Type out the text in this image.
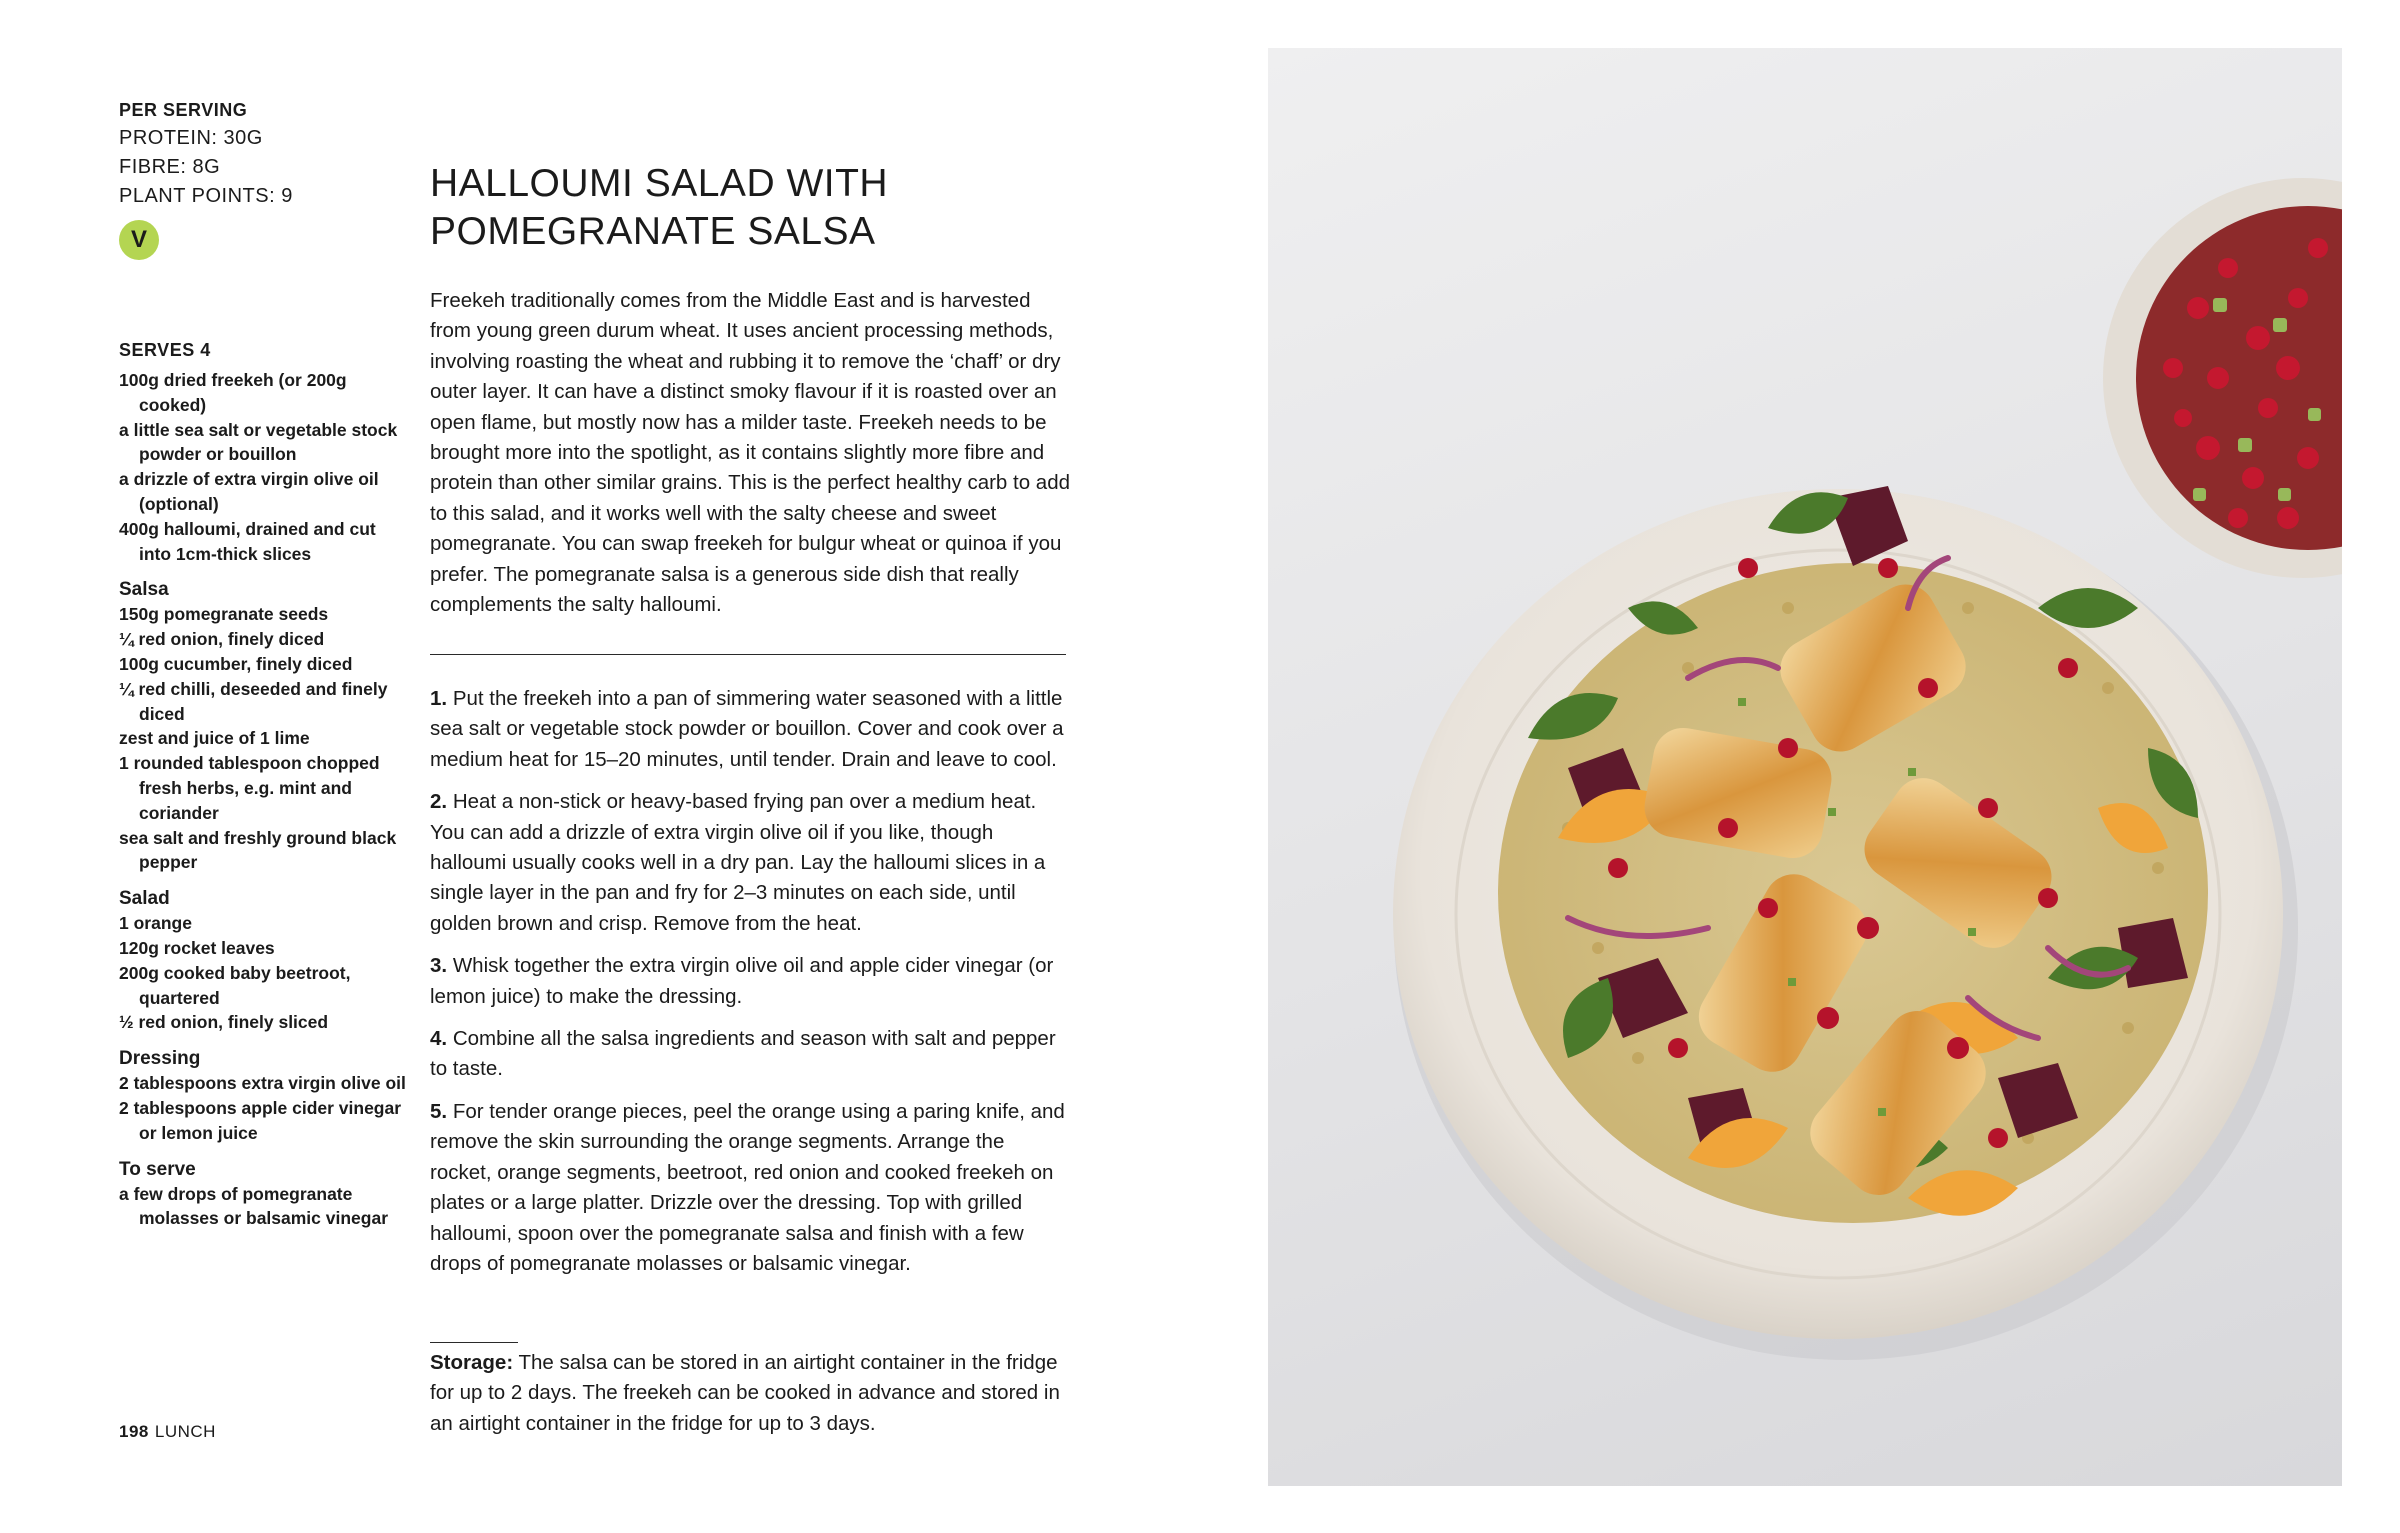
PER SERVING
PROTEIN: 30G
FIBRE: 8G
PLANT POINTS: 9
V
SERVES 4
100g dried freekeh (or 200g cooked)
a little sea salt or vegetable stock powder or bouillon
a drizzle of extra virgin olive oil (optional)
400g halloumi, drained and cut into 1cm-thick slices
Salsa
150g pomegranate seeds
¼ red onion, finely diced
100g cucumber, finely diced
¼ red chilli, deseeded and finely diced
zest and juice of 1 lime
1 rounded tablespoon chopped fresh herbs, e.g. mint and coriander
sea salt and freshly ground black pepper
Salad
1 orange
120g rocket leaves
200g cooked baby beetroot, quartered
½ red onion, finely sliced
Dressing
2 tablespoons extra virgin olive oil
2 tablespoons apple cider vinegar or lemon juice
To serve
a few drops of pomegranate molasses or balsamic vinegar
198 LUNCH
HALLOUMI SALAD WITH
POMEGRANATE SALSA

Freekeh traditionally comes from the Middle East and is harvested from young green durum wheat. It uses ancient processing methods, involving roasting the wheat and rubbing it to remove the ‘chaff’ or dry outer layer. It can have a distinct smoky flavour if it is roasted over an open flame, but mostly now has a milder taste. Freekeh needs to be brought more into the spotlight, as it contains slightly more fibre and protein than other similar grains. This is the perfect healthy carb to add to this salad, and it works well with the salty cheese and sweet pomegranate. You can swap freekeh for bulgur wheat or quinoa if you prefer. The pomegranate salsa is a generous side dish that really complements the salty halloumi.

1. Put the freekeh into a pan of simmering water seasoned with a little sea salt or vegetable stock powder or bouillon. Cover and cook over a medium heat for 15–20 minutes, until tender. Drain and leave to cool.

2. Heat a non-stick or heavy-based frying pan over a medium heat. You can add a drizzle of extra virgin olive oil if you like, though halloumi usually cooks well in a dry pan. Lay the halloumi slices in a single layer in the pan and fry for 2–3 minutes on each side, until golden brown and crisp. Remove from the heat.

3. Whisk together the extra virgin olive oil and apple cider vinegar (or lemon juice) to make the dressing.

4. Combine all the salsa ingredients and season with salt and pepper to taste.

5. For tender orange pieces, peel the orange using a paring knife, and remove the skin surrounding the orange segments. Arrange the rocket, orange segments, beetroot, red onion and cooked freekeh on plates or a large platter. Drizzle over the dressing. Top with grilled halloumi, spoon over the pomegranate salsa and finish with a few drops of pomegranate molasses or balsamic vinegar.

Storage: The salsa can be stored in an airtight container in the fridge for up to 2 days. The freekeh can be cooked in advance and stored in an airtight container in the fridge for up to 3 days.
